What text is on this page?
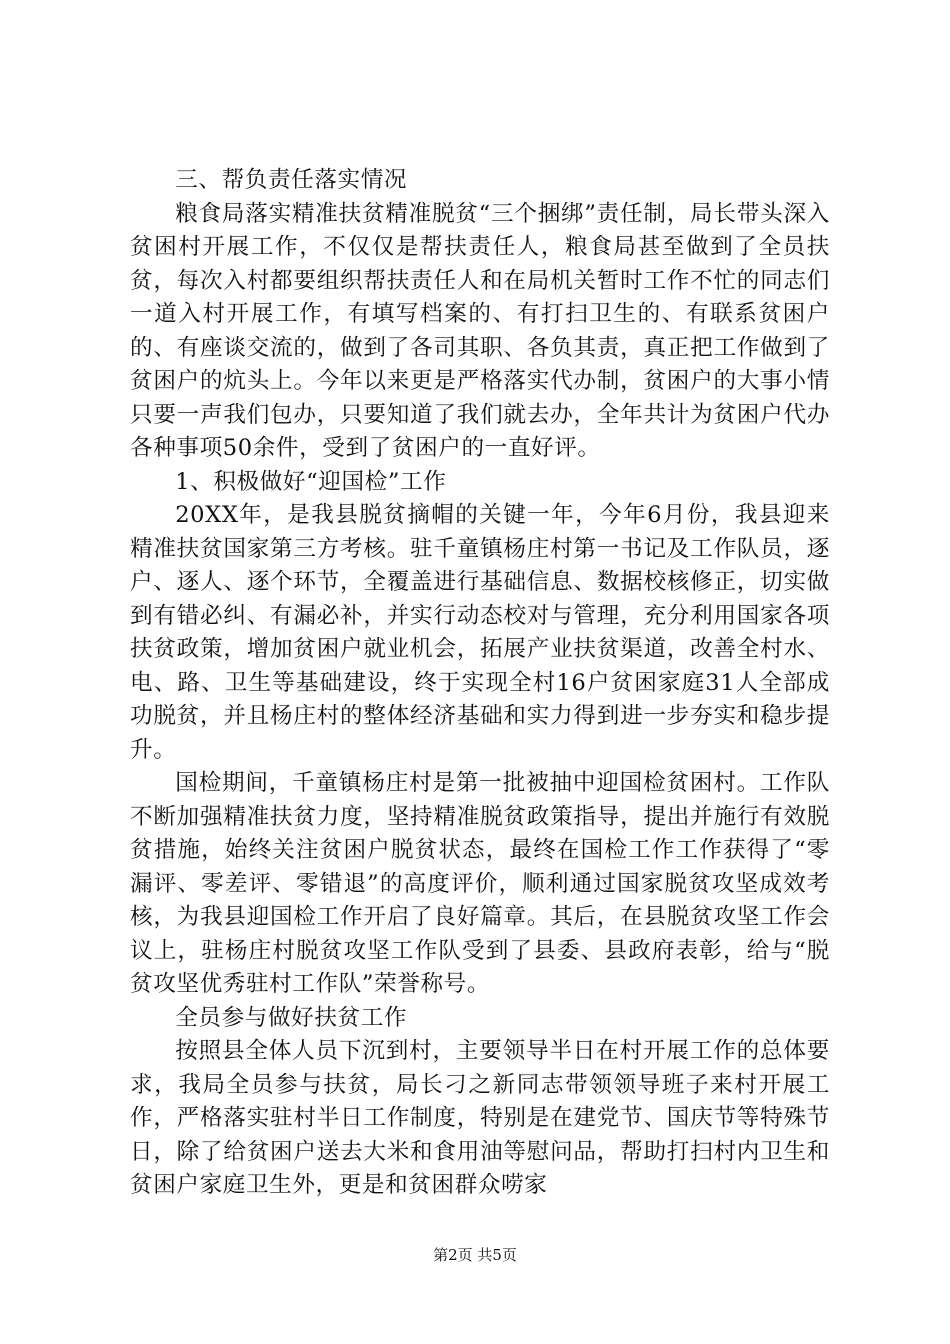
三、帮负责任落实情况

粮食局落实精准扶贫精准脱贫“三个捆绑”责任制，局长带头深入贫困村开展工作，不仅仅是帮扶责任人，粮食局甚至做到了全员扶贫，每次入村都要组织帮扶责任人和在局机关暂时工作不忙的同志们一道入村开展工作，有填写档案的、有打扫卫生的、有联系贫困户的、有座谈交流的，做到了各司其职、各负其责，真正把工作做到了贫困户的炕头上。今年以来更是严格落实代办制，贫困户的大事小情只要一声我们包办，只要知道了我们就去办，全年共计为贫困户代办各种事项50余件，受到了贫困户的一直好评。

1、积极做好“迎国检”工作

20XX年，是我县脱贫摘帽的关键一年，今年6月份，我县迎来精准扶贫国家第三方考核。驻千童镇杨庄村第一书记及工作队员，逐户、逐人、逐个环节，全覆盖进行基础信息、数据校核修正，切实做到有错必纠、有漏必补，并实行动态校对与管理，充分利用国家各项扶贫政策，增加贫困户就业机会，拓展产业扶贫渠道，改善全村水、电、路、卫生等基础建设，终于实现全村16户贫困家庭31人全部成功脱贫，并且杨庄村的整体经济基础和实力得到进一步夯实和稳步提升。

国检期间，千童镇杨庄村是第一批被抽中迎国检贫困村。工作队不断加强精准扶贫力度，坚持精准脱贫政策指导，提出并施行有效脱贫措施，始终关注贫困户脱贫状态，最终在国检工作工作获得了“零漏评、零差评、零错退”的高度评价，顺利通过国家脱贫攻坚成效考核，为我县迎国检工作开启了良好篇章。其后，在县脱贫攻坚工作会议上，驻杨庄村脱贫攻坚工作队受到了县委、县政府表彰，给与“脱贫攻坚优秀驻村工作队”荣誉称号。

全员参与做好扶贫工作

按照县全体人员下沉到村，主要领导半日在村开展工作的总体要求，我局全员参与扶贫，局长刁之新同志带领领导班子来村开展工作，严格落实驻村半日工作制度，特别是在建党节、国庆节等特殊节日，除了给贫困户送去大米和食用油等慰问品，帮助打扫村内卫生和贫困户家庭卫生外，更是和贫困群众唠家

第2页 共5页
